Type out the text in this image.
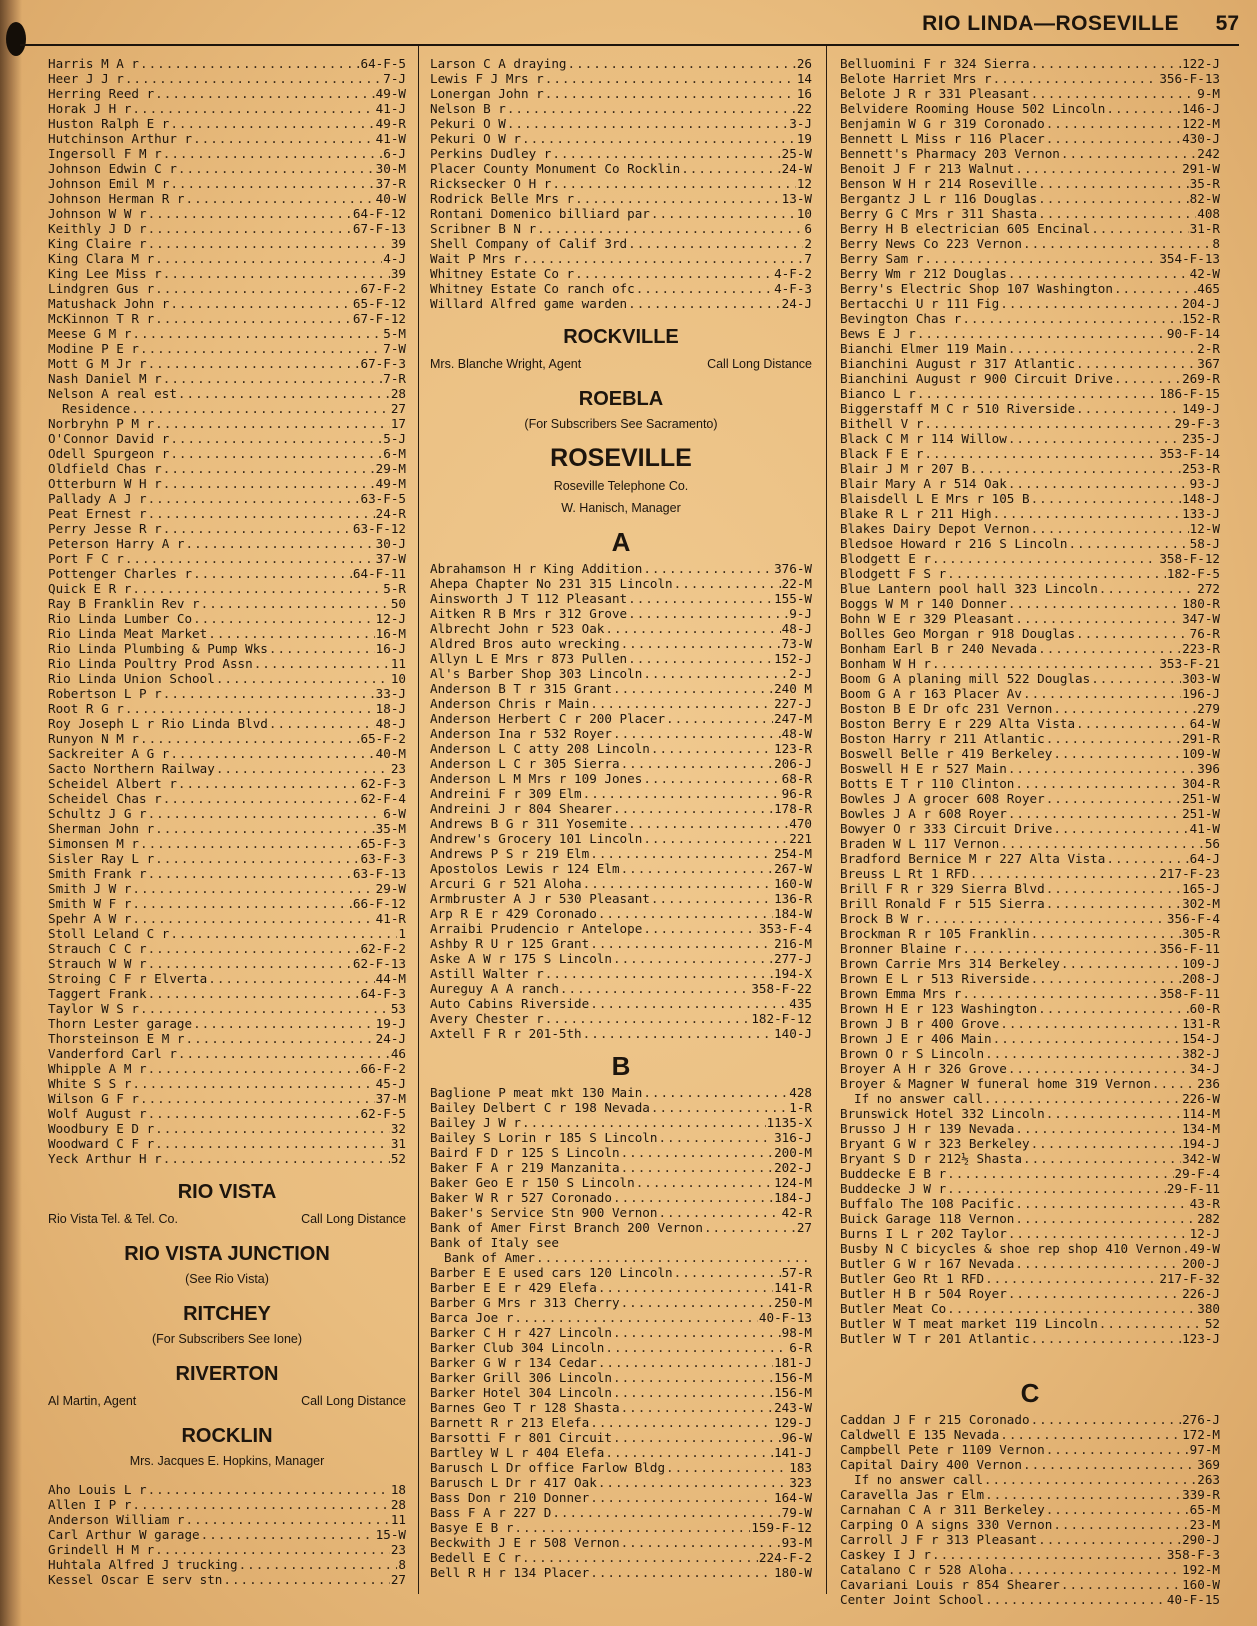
RIO LINDA—ROSEVILLE 57
Harris M A r .....	64-F-5
Heer J J r .....	7-J
Herring Reed r .....	49-W
Horak J H r .....	41-J
Huston Ralph E r .....	49-R
Hutchinson Arthur r .....	41-W
Ingersoll F M r .....	6-J
Johnson Edwin C r .....	30-M
Johnson Emil M r .....	37-R
Johnson Herman R r .....	40-W
Johnson W W r .....	64-F-12
Keithly J D r .....	67-F-13
King Claire r .....	39
King Clara M r .....	4-J
King Lee Miss r .....	39
Lindgren Gus r .....	67-F-2
Matushack John r .....	65-F-12
McKinnon T R r .....	67-F-12
Meese G M r .....	5-M
Modine P E r .....	7-W
Mott G M Jr r .....	67-F-3
Nash Daniel M r .....	7-R
Nelson A real est .....	28
Residence .....	27
Norbryhn P M r .....	17
O'Connor David r .....	5-J
Odell Spurgeon r .....	6-M
Oldfield Chas r .....	29-M
Otterburn W H r .....	49-M
Pallady A J r .....	63-F-5
Peat Ernest r .....	24-R
Perry Jesse R r .....	63-F-12
Peterson Harry A r .....	30-J
Port F C r .....	37-W
Pottenger Charles r .....	64-F-11
Quick E R r .....	5-R
Ray B Franklin Rev r .....	50
Rio Linda Lumber Co .....	12-J
Rio Linda Meat Market .....	16-M
Rio Linda Plumbing & Pump Wks .....	16-J
Rio Linda Poultry Prod Assn .....	11
Rio Linda Union School .....	10
Robertson L P r .....	33-J
Root R G r .....	18-J
Roy Joseph L r Rio Linda Blvd .....	48-J
Runyon N M r .....	65-F-2
Sackreiter A G r .....	40-M
Sacto Northern Railway .....	23
Scheidel Albert r .....	62-F-3
Scheidel Chas r .....	62-F-4
Schultz J G r .....	6-W
Sherman John r .....	35-M
Simonsen M r .....	65-F-3
Sisler Ray L r .....	63-F-3
Smith Frank r .....	63-F-13
Smith J W r .....	29-W
Smith W F r .....	66-F-12
Spehr A W r .....	41-R
Stoll Leland C r .....	1
Strauch C C r .....	62-F-2
Strauch W W r .....	62-F-13
Stroing C F r Elverta .....	44-M
Taggert Frank .....	64-F-3
Taylor W S r .....	53
Thorn Lester garage .....	19-J
Thorsteinson E M r .....	24-J
Vanderford Carl r .....	46
Whipple A M r .....	66-F-2
White S S r .....	45-J
Wilson G F r .....	37-M
Wolf August r .....	62-F-5
Woodbury E D r .....	32
Woodward C F r .....	31
Yeck Arthur H r .....	52
RIO VISTA
Rio Vista Tel. & Tel. Co.	Call Long Distance
RIO VISTA JUNCTION
(See Rio Vista)
RITCHEY
(For Subscribers See Ione)
RIVERTON
Al Martin, Agent	Call Long Distance
ROCKLIN
Mrs. Jacques E. Hopkins, Manager
Aho Louis L r .....	18
Allen I P r .....	28
Anderson William r .....	11
Carl Arthur W garage .....	15-W
Grindell H M r .....	23
Huhtala Alfred J trucking .....	8
Kessel Oscar E serv stn .....	27
Larson C A draying .....	26
Lewis F J Mrs r .....	14
Lonergan John r .....	16
Nelson B r .....	22
Pekuri O W .....	3-J
Pekuri O W r .....	19
Perkins Dudley r .....	25-W
Placer County Monument Co Rocklin .....	24-W
Ricksecker O H r .....	12
Rodrick Belle Mrs r .....	13-W
Rontani Domenico billiard par .....	10
Scribner B N r .....	6
Shell Company of Calif 3rd .....	2
Wait P Mrs r .....	7
Whitney Estate Co r .....	4-F-2
Whitney Estate Co ranch ofc .....	4-F-3
Willard Alfred game warden .....	24-J
ROCKVILLE
Mrs. Blanche Wright, Agent	Call Long Distance
ROEBLA
(For Subscribers See Sacramento)
ROSEVILLE
Roseville Telephone Co.
W. Hanisch, Manager
A
Abrahamson H r King Addition .....	376-W
Ahepa Chapter No 231 315 Lincoln .....	22-M
Ainsworth J T 112 Pleasant .....	155-W
Aitken R B Mrs r 312 Grove .....	9-J
Albrecht John r 523 Oak .....	48-J
Aldred Bros auto wrecking .....	73-W
Allyn L E Mrs r 873 Pullen .....	152-J
Al's Barber Shop 303 Lincoln .....	2-J
Anderson B T r 315 Grant .....	240 M
Anderson Chris r Main .....	227-J
Anderson Herbert C r 200 Placer .....	247-M
Anderson Ina r 532 Royer .....	48-W
Anderson L C atty 208 Lincoln .....	123-R
Anderson L C r 305 Sierra .....	206-J
Anderson L M Mrs r 109 Jones .....	68-R
Andreini F r 309 Elm .....	96-R
Andreini J r 804 Shearer .....	178-R
Andrews B G r 311 Yosemite .....	470
Andrew's Grocery 101 Lincoln .....	221
Andrews P S r 219 Elm .....	254-M
Apostolos Lewis r 124 Elm .....	267-W
Arcuri G r 521 Aloha .....	160-W
Armbruster A J r 530 Pleasant .....	136-R
Arp R E r 429 Coronado .....	184-W
Arraibi Prudencio r Antelope .....	353-F-4
Ashby R U r 125 Grant .....	216-M
Aske A W r 175 S Lincoln .....	277-J
Astill Walter r .....	194-X
Aureguy A A ranch .....	358-F-22
Auto Cabins Riverside .....	435
Avery Chester r .....	182-F-12
Axtell F R r 201-5th .....	140-J
B
Baglione P meat mkt 130 Main .....	428
Bailey Delbert C r 198 Nevada .....	1-R
Bailey J W r .....	1135-X
Bailey S Lorin r 185 S Lincoln .....	316-J
Baird F D r 125 S Lincoln .....	200-M
Baker F A r 219 Manzanita .....	202-J
Baker Geo E r 150 S Lincoln .....	124-M
Baker W R r 527 Coronado .....	184-J
Baker's Service Stn 900 Vernon .....	42-R
Bank of Amer First Branch 200 Vernon .....	27
Bank of Italy see
Bank of Amer
.....
Barber E E used cars 120 Lincoln .....	57-R
Barber E E r 429 Elefa .....	141-R
Barber G Mrs r 313 Cherry .....	250-M
Barca Joe r .....	40-F-13
Barker C H r 427 Lincoln .....	98-M
Barker Club 304 Lincoln .....	6-R
Barker G W r 134 Cedar .....	181-J
Barker Grill 306 Lincoln .....	156-M
Barker Hotel 304 Lincoln .....	156-M
Barnes Geo T r 128 Shasta .....	243-W
Barnett R r 213 Elefa .....	129-J
Barsotti F r 801 Circuit .....	96-W
Bartley W L r 404 Elefa .....	141-J
Barusch L Dr office Farlow Bldg .....	183
Barusch L Dr r 417 Oak .....	323
Bass Don r 210 Donner .....	164-W
Bass F A r 227 D .....	79-W
Basye E B r .....	159-F-12
Beckwith J E r 508 Vernon .....	93-M
Bedell E C r .....	224-F-2
Bell R H r 134 Placer .....	180-W
Belluomini F r 324 Sierra .....	122-J
Belote Harriet Mrs r .....	356-F-13
Belote J R r 331 Pleasant .....	9-M
Belvidere Rooming House 502 Lincoln .....	146-J
Benjamin W G r 319 Coronado .....	122-M
Bennett L Miss r 116 Placer .....	430-J
Bennett's Pharmacy 203 Vernon .....	242
Benoit J F r 213 Walnut .....	291-W
Benson W H r 214 Roseville .....	35-R
Bergantz J L r 116 Douglas .....	82-W
Berry G C Mrs r 311 Shasta .....	408
Berry H B electrician 605 Encinal .....	31-R
Berry News Co 223 Vernon .....	8
Berry Sam r .....	354-F-13
Berry Wm r 212 Douglas .....	42-W
Berry's Electric Shop 107 Washington .....	465
Bertacchi U r 111 Fig .....	204-J
Bevington Chas r .....	152-R
Bews E J r .....	90-F-14
Bianchi Elmer 119 Main .....	2-R
Bianchini August r 317 Atlantic .....	367
Bianchini August r 900 Circuit Drive .....	269-R
Bianco L r .....	186-F-15
Biggerstaff M C r 510 Riverside .....	149-J
Bithell V r .....	29-F-3
Black C M r 114 Willow .....	235-J
Black F E r .....	353-F-14
Blair J M r 207 B .....	253-R
Blair Mary A r 514 Oak .....	93-J
Blaisdell L E Mrs r 105 B .....	148-J
Blake R L r 211 High .....	133-J
Blakes Dairy Depot Vernon .....	12-W
Bledsoe Howard r 216 S Lincoln .....	58-J
Blodgett E r .....	358-F-12
Blodgett F S r .....	182-F-5
Blue Lantern pool hall 323 Lincoln .....	272
Boggs W M r 140 Donner .....	180-R
Bohn W E r 329 Pleasant .....	347-W
Bolles Geo Morgan r 918 Douglas .....	76-R
Bonham Earl B r 240 Nevada .....	223-R
Bonham W H r .....	353-F-21
Boom G A planing mill 522 Douglas .....	303-W
Boom G A r 163 Placer Av .....	196-J
Boston B E Dr ofc 231 Vernon .....	279
Boston Berry E r 229 Alta Vista .....	64-W
Boston Harry r 211 Atlantic .....	291-R
Boswell Belle r 419 Berkeley .....	109-W
Boswell H E r 527 Main .....	396
Botts E T r 110 Clinton .....	304-R
Bowles J A grocer 608 Royer .....	251-W
Bowles J A r 608 Royer .....	251-W
Bowyer O r 333 Circuit Drive .....	41-W
Braden W L 117 Vernon .....	56
Bradford Bernice M r 227 Alta Vista .....	64-J
Breuss L Rt 1 RFD .....	217-F-23
Brill F R r 329 Sierra Blvd .....	165-J
Brill Ronald F r 515 Sierra .....	302-M
Brock B W r .....	356-F-4
Brockman R r 105 Franklin .....	305-R
Bronner Blaine r .....	356-F-11
Brown Carrie Mrs 314 Berkeley .....	109-J
Brown E L r 513 Riverside .....	208-J
Brown Emma Mrs r .....	358-F-11
Brown H E r 123 Washington .....	60-R
Brown J B r 400 Grove .....	131-R
Brown J E r 406 Main .....	154-J
Brown O r S Lincoln .....	382-J
Broyer A H r 326 Grove .....	34-J
Broyer & Magner W funeral home 319 Vernon .....	236
If no answer call .....	226-W
Brunswick Hotel 332 Lincoln .....	114-M
Brusso J H r 139 Nevada .....	134-M
Bryant G W r 323 Berkeley .....	194-J
Bryant S D r 212½ Shasta .....	342-W
Buddecke E B r .....	29-F-4
Buddecke J W r .....	29-F-11
Buffalo The 108 Pacific .....	43-R
Buick Garage 118 Vernon .....	282
Burns I L r 202 Taylor .....	12-J
Busby N C bicycles & shoe rep shop 410 Vernon ..... 49-W
Butler G W r 167 Nevada .....	200-J
Butler Geo Rt 1 RFD .....	217-F-32
Butler H B r 504 Royer .....	226-J
Butler Meat Co .....	380
Butler W T meat market 119 Lincoln .....	52
Butler W T r 201 Atlantic .....	123-J
C
Caddan J F r 215 Coronado .....	276-J
Caldwell E 135 Nevada .....	172-M
Campbell Pete r 1109 Vernon .....	97-M
Capital Dairy 400 Vernon .....	369
If no answer call .....	263
Caravella Jas r Elm .....	339-R
Carnahan C A r 311 Berkeley .....	65-M
Carping O A signs 330 Vernon .....	23-M
Carroll J F r 313 Pleasant .....	290-J
Caskey I J r .....	358-F-3
Catalano C r 528 Aloha .....	192-M
Cavariani Louis r 854 Shearer .....	160-W
Center Joint School .....	40-F-15
